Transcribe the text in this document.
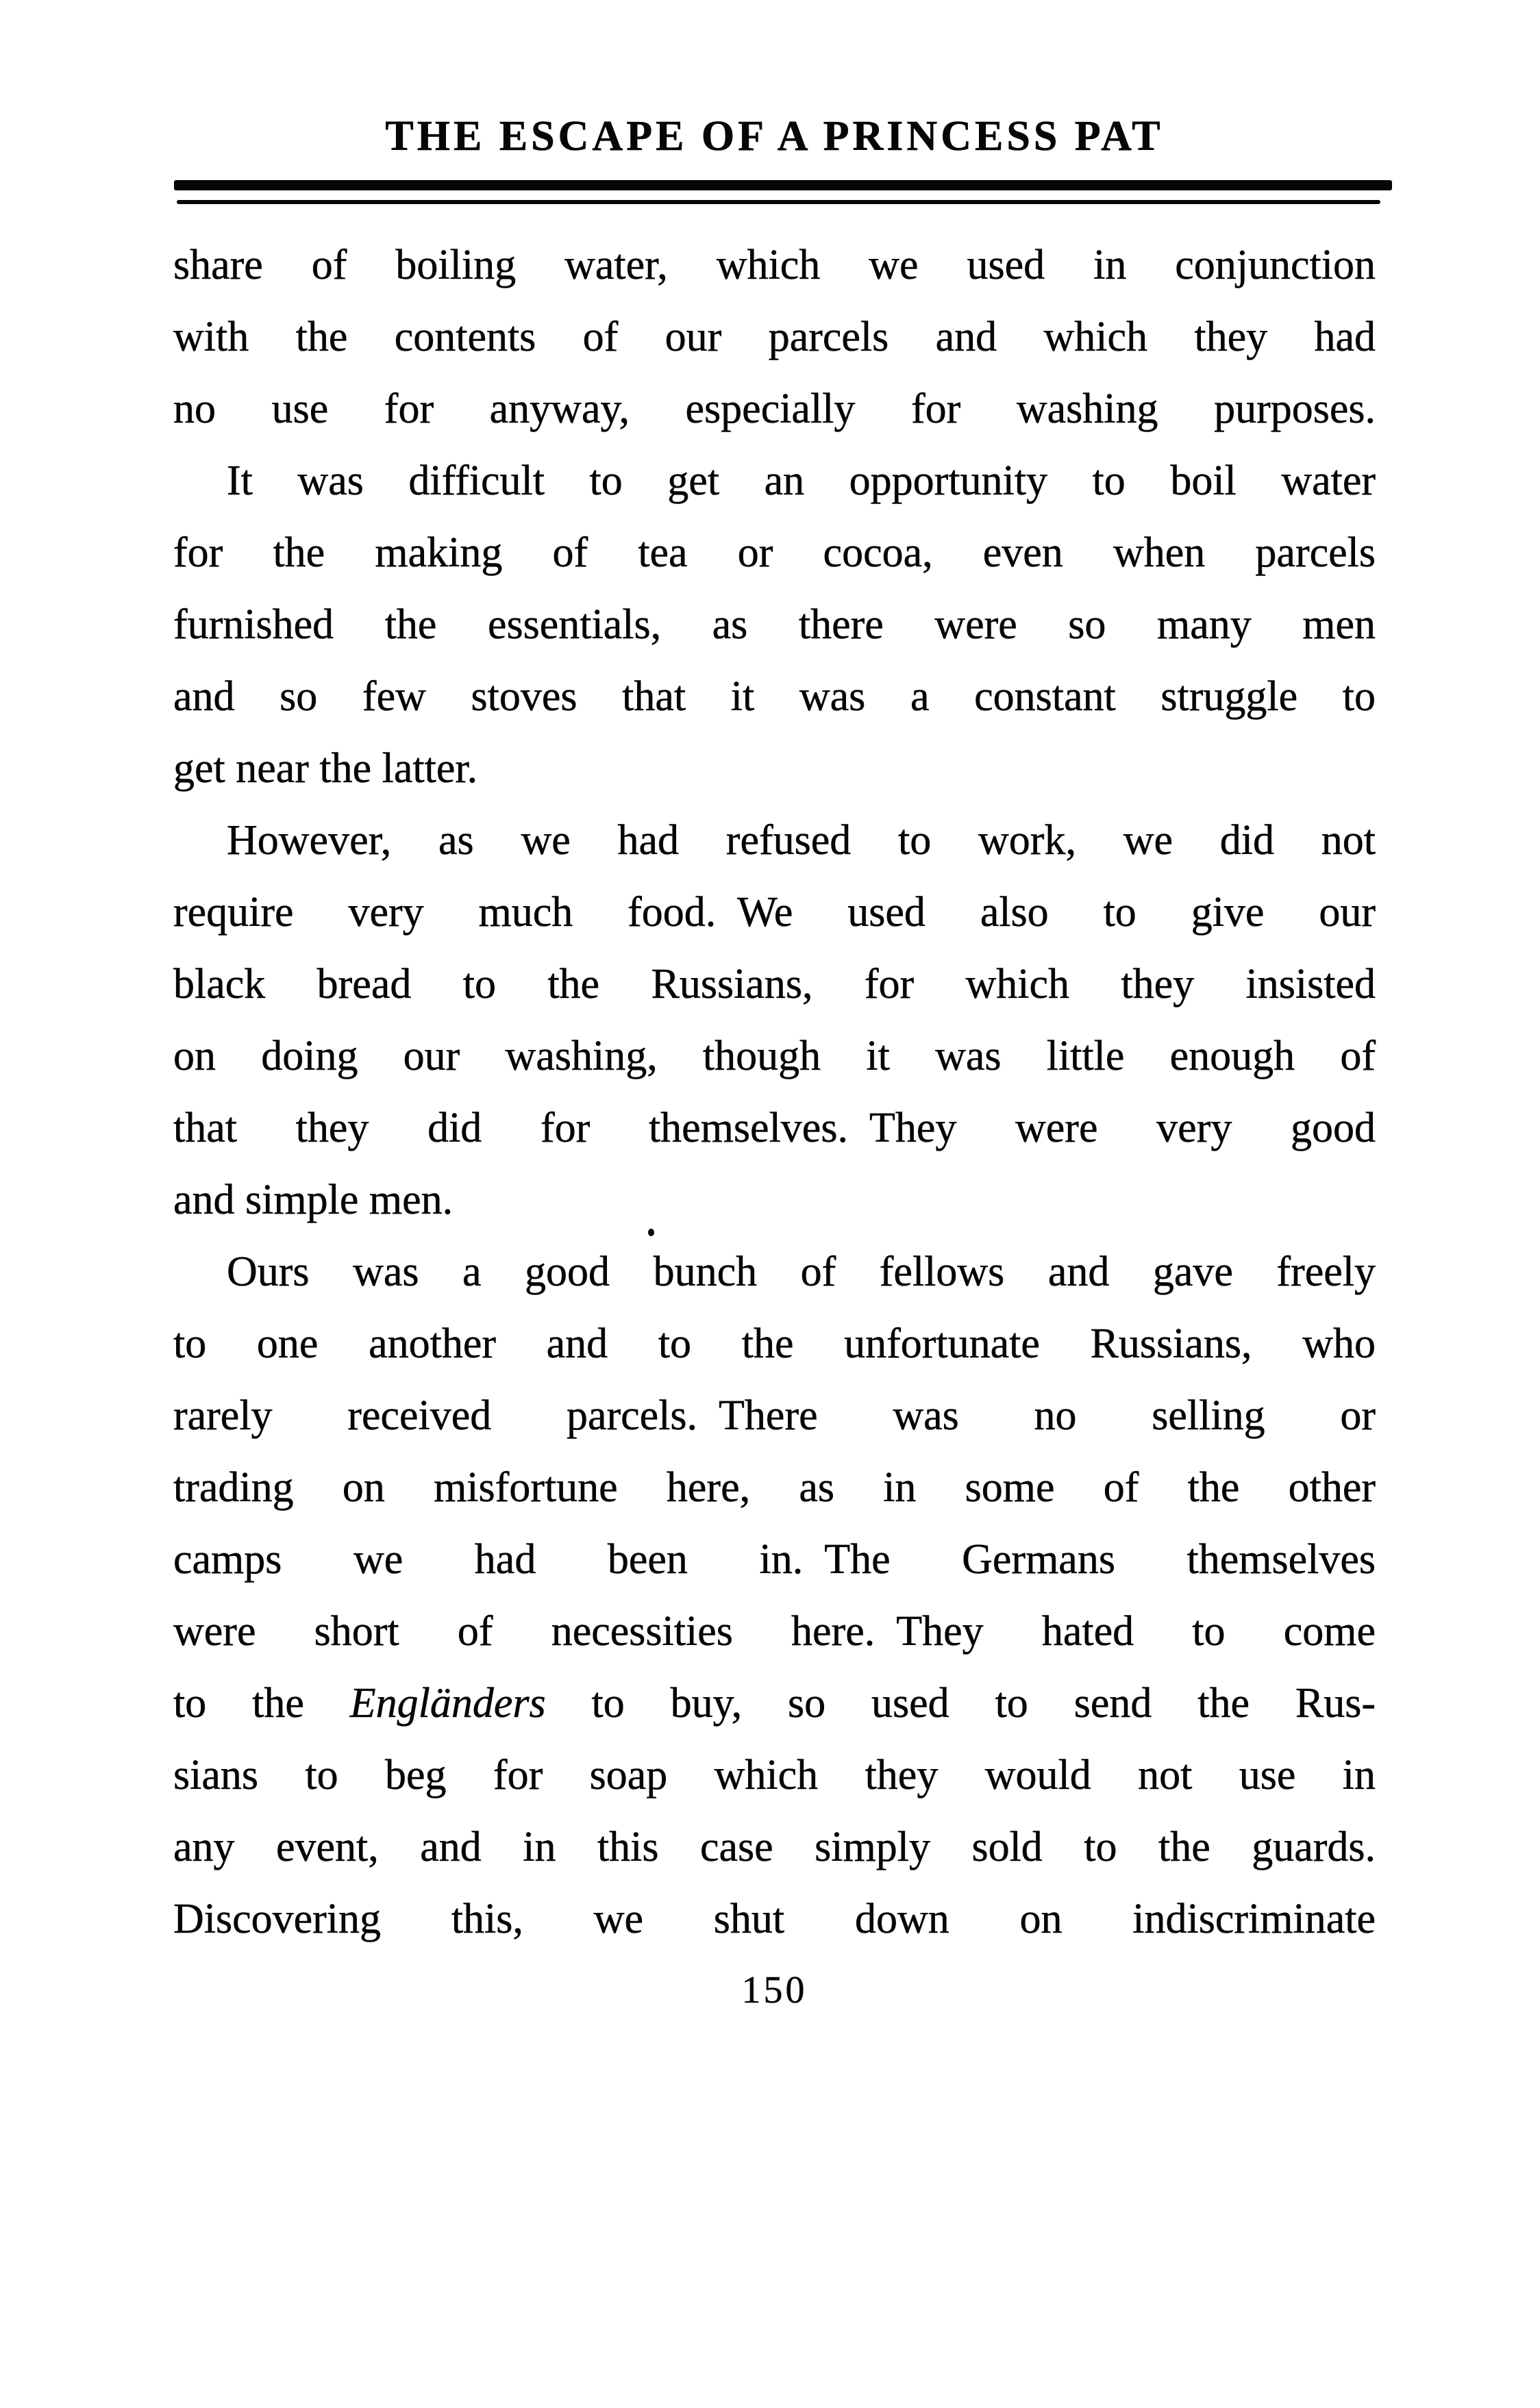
THE ESCAPE OF A PRINCESS PAT
share of boiling water, which we used in conjunction
with the contents of our parcels and which they had
no use for anyway, especially for washing purposes.
It was difficult to get an opportunity to boil water
for the making of tea or cocoa, even when parcels
furnished the essentials, as there were so many men
and so few stoves that it was a constant struggle to
get near the latter.
However, as we had refused to work, we did not
require very much food. We used also to give our
black bread to the Russians, for which they insisted
on doing our washing, though it was little enough of
that they did for themselves. They were very good
and simple men.
Ours was a good bunch of fellows and gave freely
to one another and to the unfortunate Russians, who
rarely received parcels. There was no selling or
trading on misfortune here, as in some of the other
camps we had been in. The Germans themselves
were short of necessities here. They hated to come
to the Engländers to buy, so used to send the Rus-
sians to beg for soap which they would not use in
any event, and in this case simply sold to the guards.
Discovering this, we shut down on indiscriminate
150
